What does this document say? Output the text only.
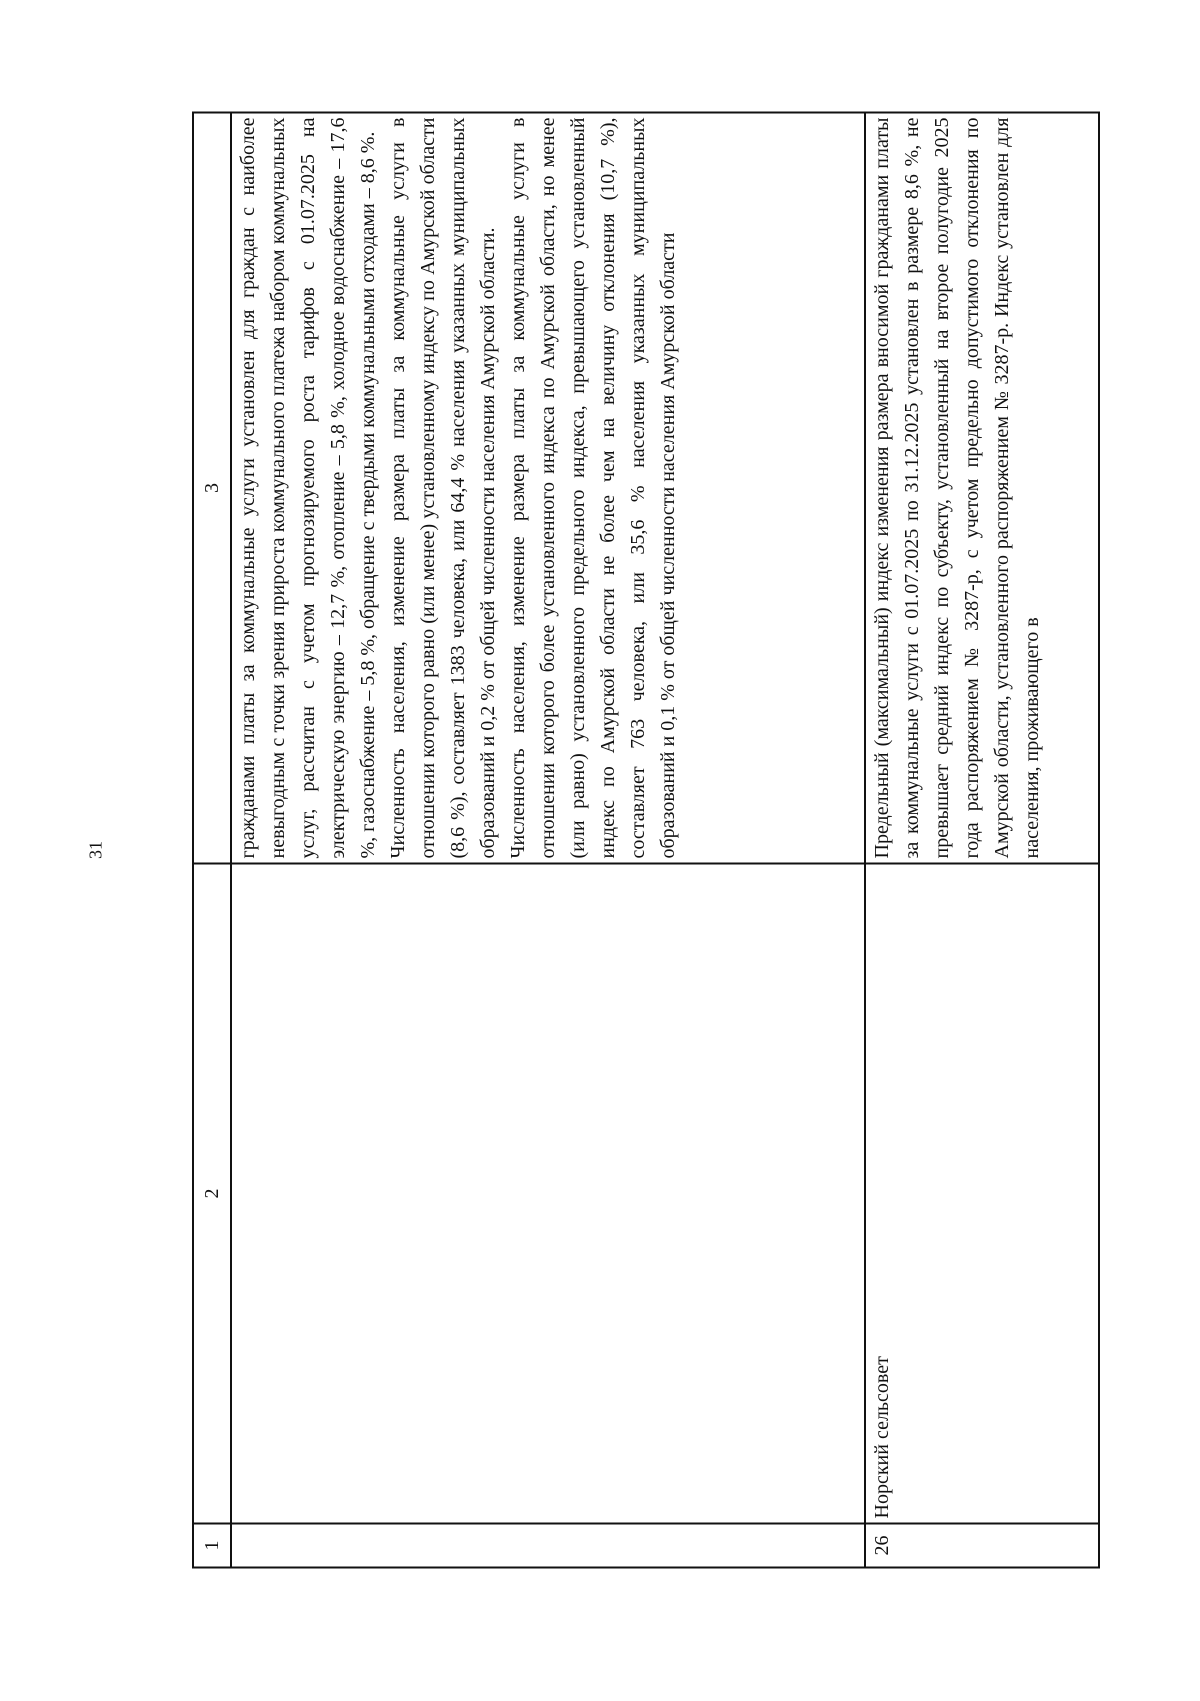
31
1	2	3

		гражданами платы за коммунальные услуги установлен для граждан с наиболее невыгодным с точки зрения прироста коммунального платежа набором коммунальных услуг, рассчитан с учетом прогнозируемого роста тарифов с 01.07.2025 на электрическую энергию – 12,7 %, отопление – 5,8 %, холодное водоснабжение – 17,6 %, газоснабжение – 5,8 %, обращение с твердыми коммунальными отходами – 8,6 %. Численность населения, изменение размера платы за коммунальные услуги в отношении которого равно (или менее) установленному индексу по Амурской области (8,6 %), составляет 1383 человека, или 64,4 % населения указанных муниципальных образований и 0,2 % от общей численности населения Амурской области. Численность населения, изменение размера платы за коммунальные услуги в отношении которого более установленного индекса по Амурской области, но менее (или равно) установленного предельного индекса, превышающего установленный индекс по Амурской области не более чем на величину отклонения (10,7 %), составляет 763 человека, или 35,6 % населения указанных муниципальных образований и 0,1 % от общей численности населения Амурской области

26	Норский сельсовет	Предельный (максимальный) индекс изменения размера вносимой гражданами платы за коммунальные услуги с 01.07.2025 по 31.12.2025 установлен в размере 8,6 %, не превышает средний индекс по субъекту, установленный на второе полугодие 2025 года распоряжением № 3287-р, с учетом предельно допустимого отклонения по Амурской области, установленного распоряжением № 3287-р. Индекс установлен для населения, проживающего в
